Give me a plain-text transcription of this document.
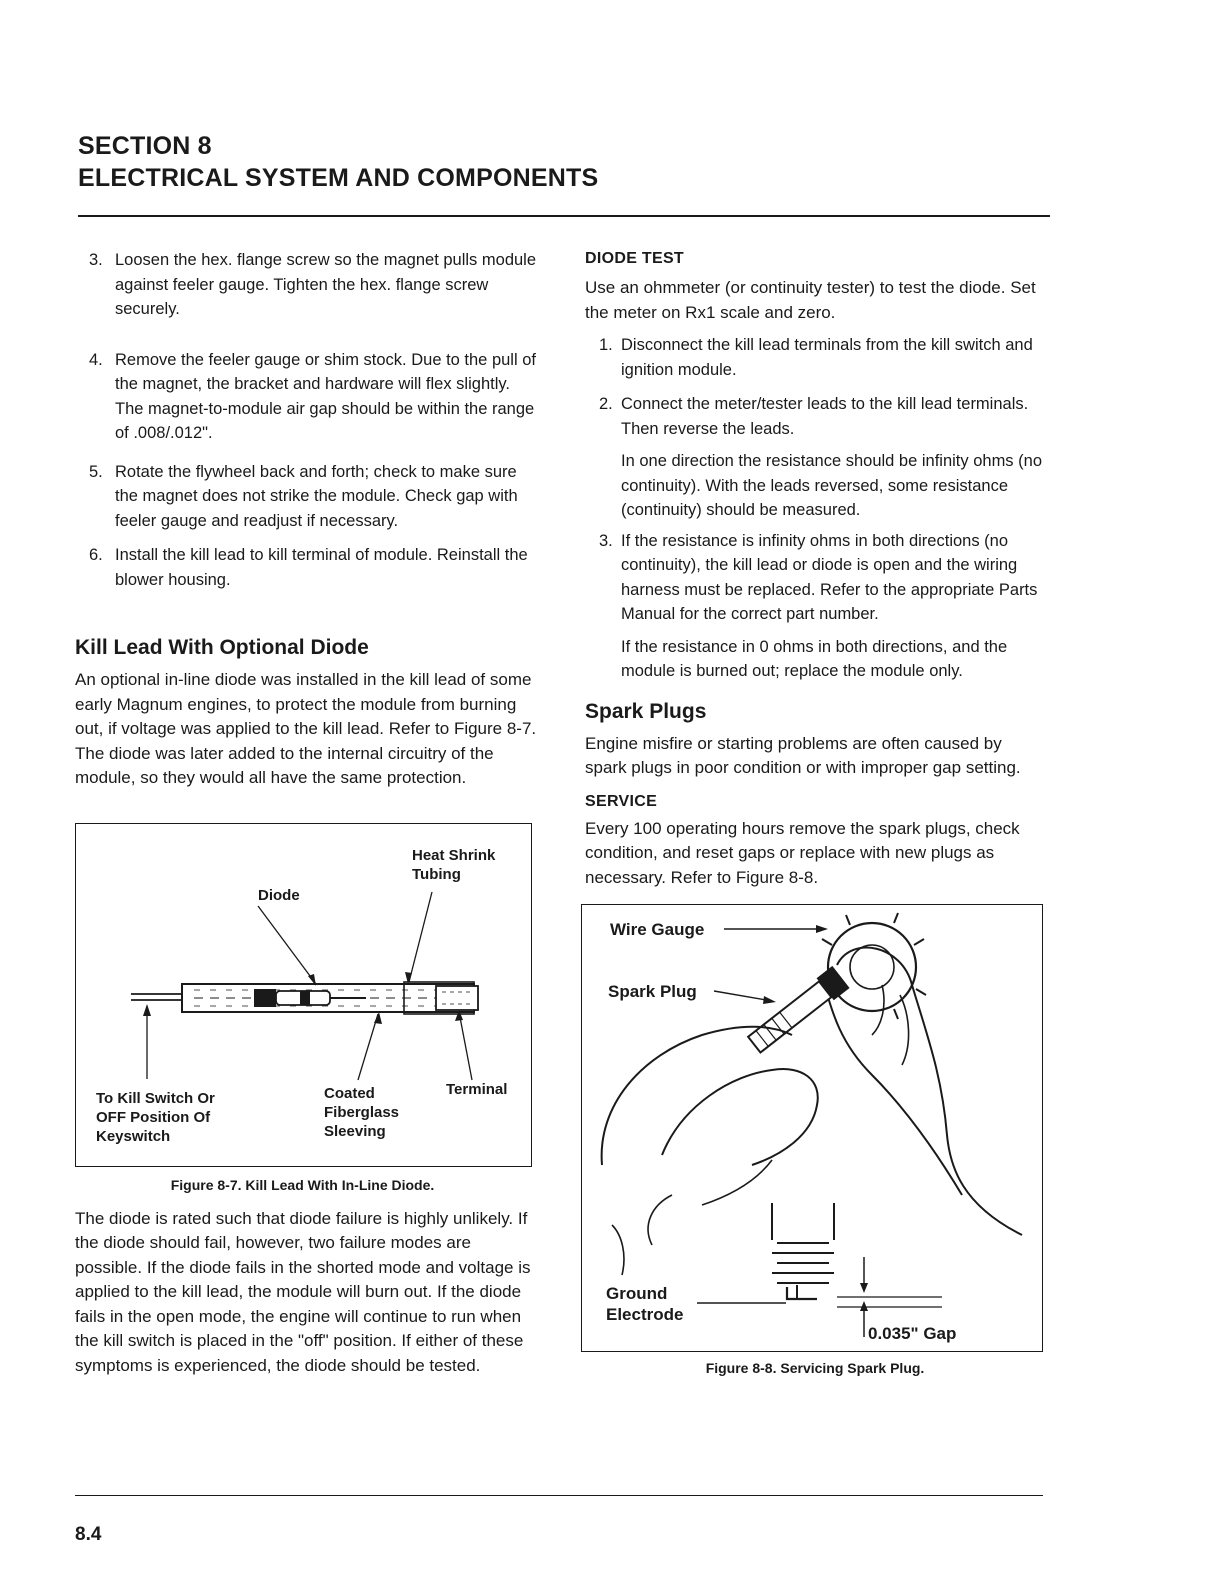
SECTION 8
ELECTRICAL SYSTEM AND COMPONENTS
3. Loosen the hex. flange screw so the magnet pulls module against feeler gauge. Tighten the hex. flange screw securely.
4. Remove the feeler gauge or shim stock. Due to the pull of the magnet, the bracket and hardware will flex slightly. The magnet-to-module air gap should be within the range of .008/.012".
5. Rotate the flywheel back and forth; check to make sure the magnet does not strike the module. Check gap with feeler gauge and readjust if necessary.
6. Install the kill lead to kill terminal of module. Reinstall the blower housing.
Kill Lead With Optional Diode

An optional in-line diode was installed in the kill lead of some early Magnum engines, to protect the module from burning out, if voltage was applied to the kill lead. Refer to Figure 8-7. The diode was later added to the internal circuitry of the module, so they would all have the same protection.

Heat Shrink Tubing
Diode
To Kill Switch Or OFF Position Of Keyswitch
Coated Fiberglass Sleeving
Terminal

Figure 8-7. Kill Lead With In-Line Diode.

The diode is rated such that diode failure is highly unlikely. If the diode should fail, however, two failure modes are possible. If the diode fails in the shorted mode and voltage is applied to the kill lead, the module will burn out. If the diode fails in the open mode, the engine will continue to run when the kill switch is placed in the "off" position. If either of these symptoms is experienced, the diode should be tested.

DIODE TEST

Use an ohmmeter (or continuity tester) to test the diode. Set the meter on Rx1 scale and zero.

1. Disconnect the kill lead terminals from the kill switch and ignition module.
2. Connect the meter/tester leads to the kill lead terminals. Then reverse the leads.

In one direction the resistance should be infinity ohms (no continuity). With the leads reversed, some resistance (continuity) should be measured.

3. If the resistance is infinity ohms in both directions (no continuity), the kill lead or diode is open and the wiring harness must be replaced. Refer to the appropriate Parts Manual for the correct part number.

If the resistance in 0 ohms in both directions, and the module is burned out; replace the module only.

Spark Plugs

Engine misfire or starting problems are often caused by spark plugs in poor condition or with improper gap setting.

SERVICE

Every 100 operating hours remove the spark plugs, check condition, and reset gaps or replace with new plugs as necessary. Refer to Figure 8-8.

Wire Gauge
Spark Plug
Ground Electrode
0.035" Gap

Figure 8-8. Servicing Spark Plug.

8.4
